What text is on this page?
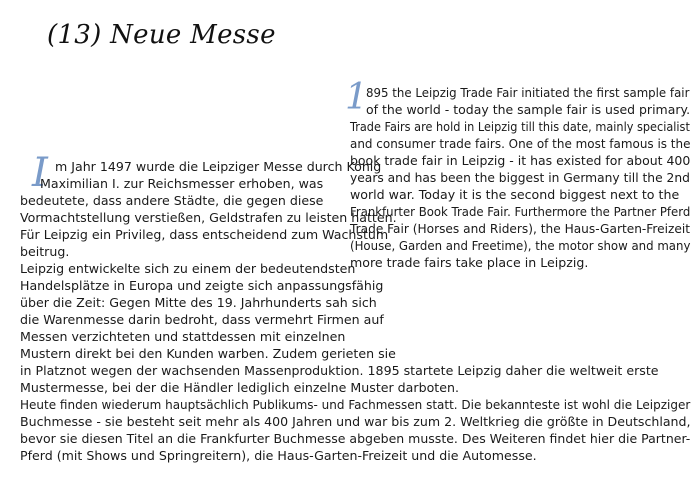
(13) Neue Messe
1
895 the Leipzig Trade Fair initiated the first sample fair
of the world - today the sample fair is used primary.
Trade Fairs are hold in Leipzig till this date, mainly specialist
and consumer trade fairs. One of the most famous is the
book trade fair in Leipzig - it has existed for about 400
years and has been the biggest in Germany till the 2nd
world war. Today it is the second biggest next to the
Frankfurter Book Trade Fair. Furthermore the Partner Pferd
Trade Fair (Horses and Riders), the Haus-Garten-Freizeit
(House, Garden and Freetime), the motor show and many
more trade fairs take place in Leipzig.
I m Jahr 1497 wurde die Leipziger Messe durch König
Maximilian I. zur Reichsmesser erhoben, was
bedeutete, dass andere Städte, die gegen diese
Vormachtstellung verstießen, Geldstrafen zu leisten hatten.
Für Leipzig ein Privileg, dass entscheidend zum Wachstum
beitrug.
Leipzig entwickelte sich zu einem der bedeutendsten
Handelsplätze in Europa und zeigte sich anpassungsfähig
über die Zeit: Gegen Mitte des 19. Jahrhunderts sah sich
die Warenmesse darin bedroht, dass vermehrt Firmen auf
Messen verzichteten und stattdessen mit einzelnen
Mustern direkt bei den Kunden warben. Zudem gerieten sie
in Platznot wegen der wachsenden Massenproduktion. 1895 startete Leipzig daher die weltweit erste
Mustermesse, bei der die Händler lediglich einzelne Muster darboten.
Heute finden wiederum hauptsächlich Publikums- und Fachmessen statt. Die bekannteste ist wohl die Leipziger
Buchmesse - sie besteht seit mehr als 400 Jahren und war bis zum 2. Weltkrieg die größte in Deutschland,
bevor sie diesen Titel an die Frankfurter Buchmesse abgeben musste. Des Weiteren findet hier die Partner-
Pferd (mit Shows und Springreitern), die Haus-Garten-Freizeit und die Automesse.
